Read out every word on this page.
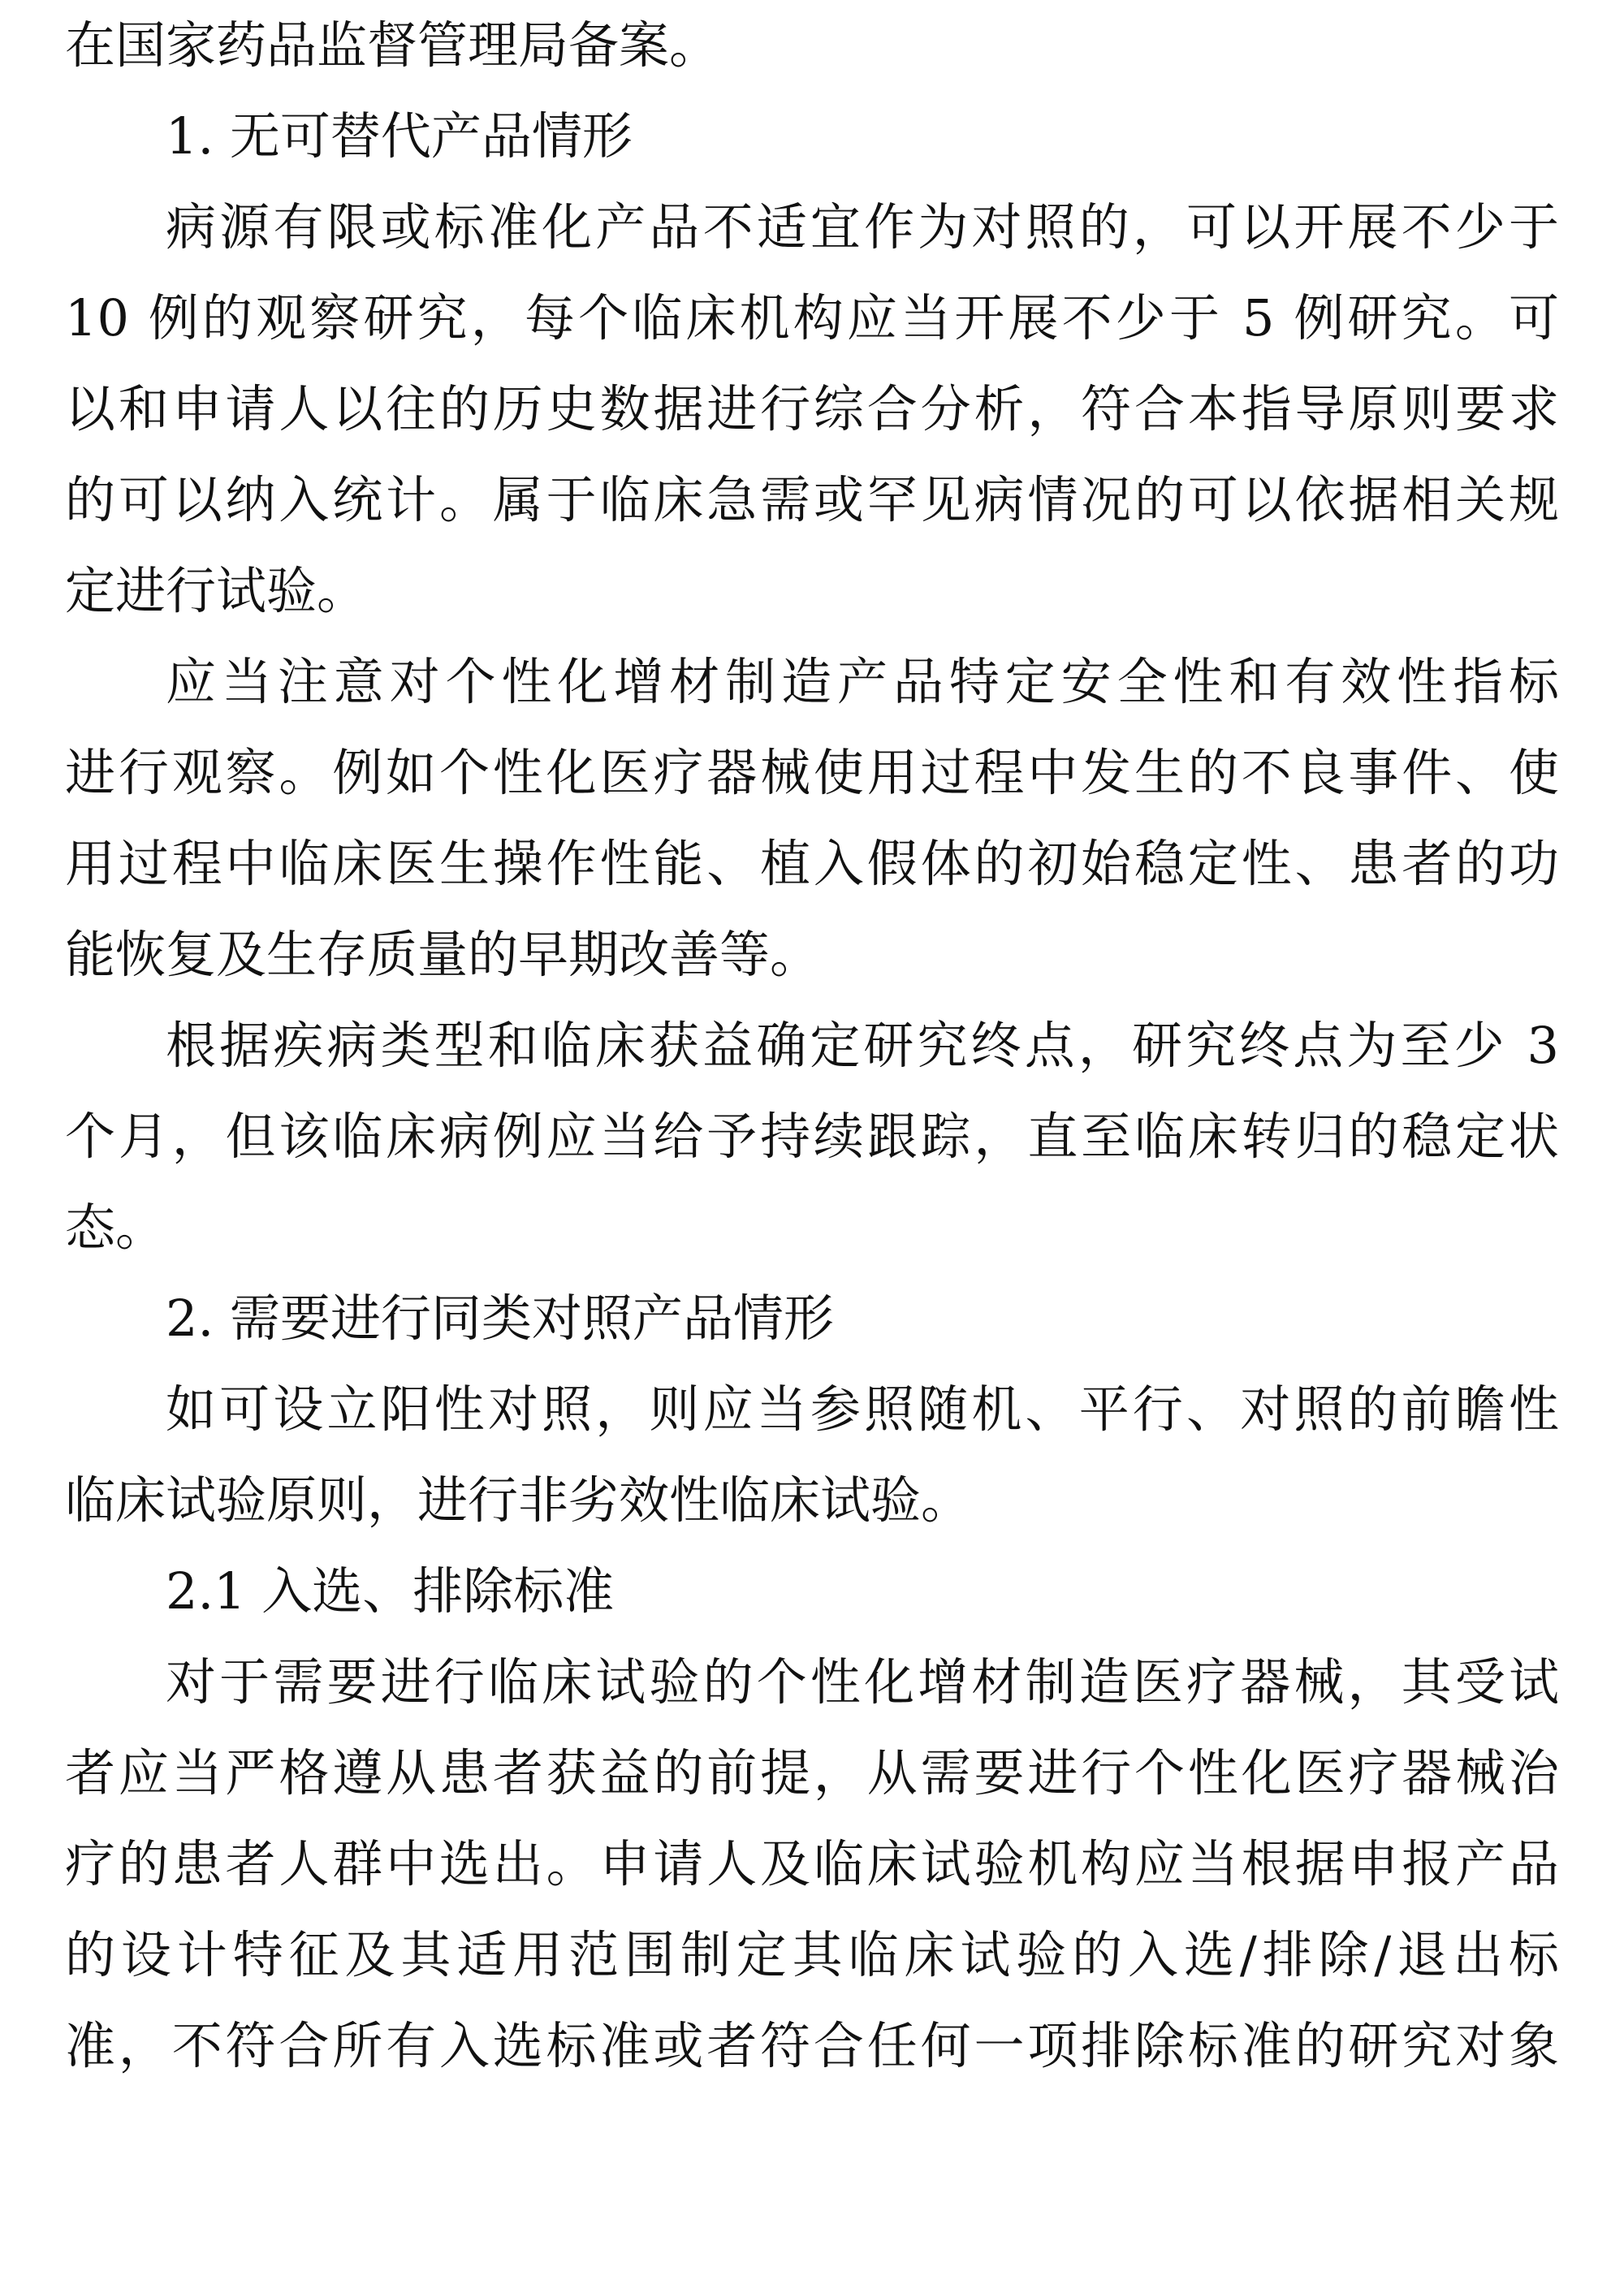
在国家药品监督管理局备案。
1. 无可替代产品情形
病源有限或标准化产品不适宜作为对照的，可以开展不少于
10 例的观察研究，每个临床机构应当开展不少于 5 例研究。可
以和申请人以往的历史数据进行综合分析，符合本指导原则要求
的可以纳入统计。属于临床急需或罕见病情况的可以依据相关规
定进行试验。
应当注意对个性化增材制造产品特定安全性和有效性指标
进行观察。例如个性化医疗器械使用过程中发生的不良事件、使
用过程中临床医生操作性能、植入假体的初始稳定性、患者的功
能恢复及生存质量的早期改善等。
根据疾病类型和临床获益确定研究终点，研究终点为至少 3
个月，但该临床病例应当给予持续跟踪，直至临床转归的稳定状
态。
2. 需要进行同类对照产品情形
如可设立阳性对照，则应当参照随机、平行、对照的前瞻性
临床试验原则，进行非劣效性临床试验。
2.1 入选、排除标准
对于需要进行临床试验的个性化增材制造医疗器械，其受试
者应当严格遵从患者获益的前提，从需要进行个性化医疗器械治
疗的患者人群中选出。申请人及临床试验机构应当根据申报产品
的设计特征及其适用范围制定其临床试验的入选/排除/退出标
准，不符合所有入选标准或者符合任何一项排除标准的研究对象
